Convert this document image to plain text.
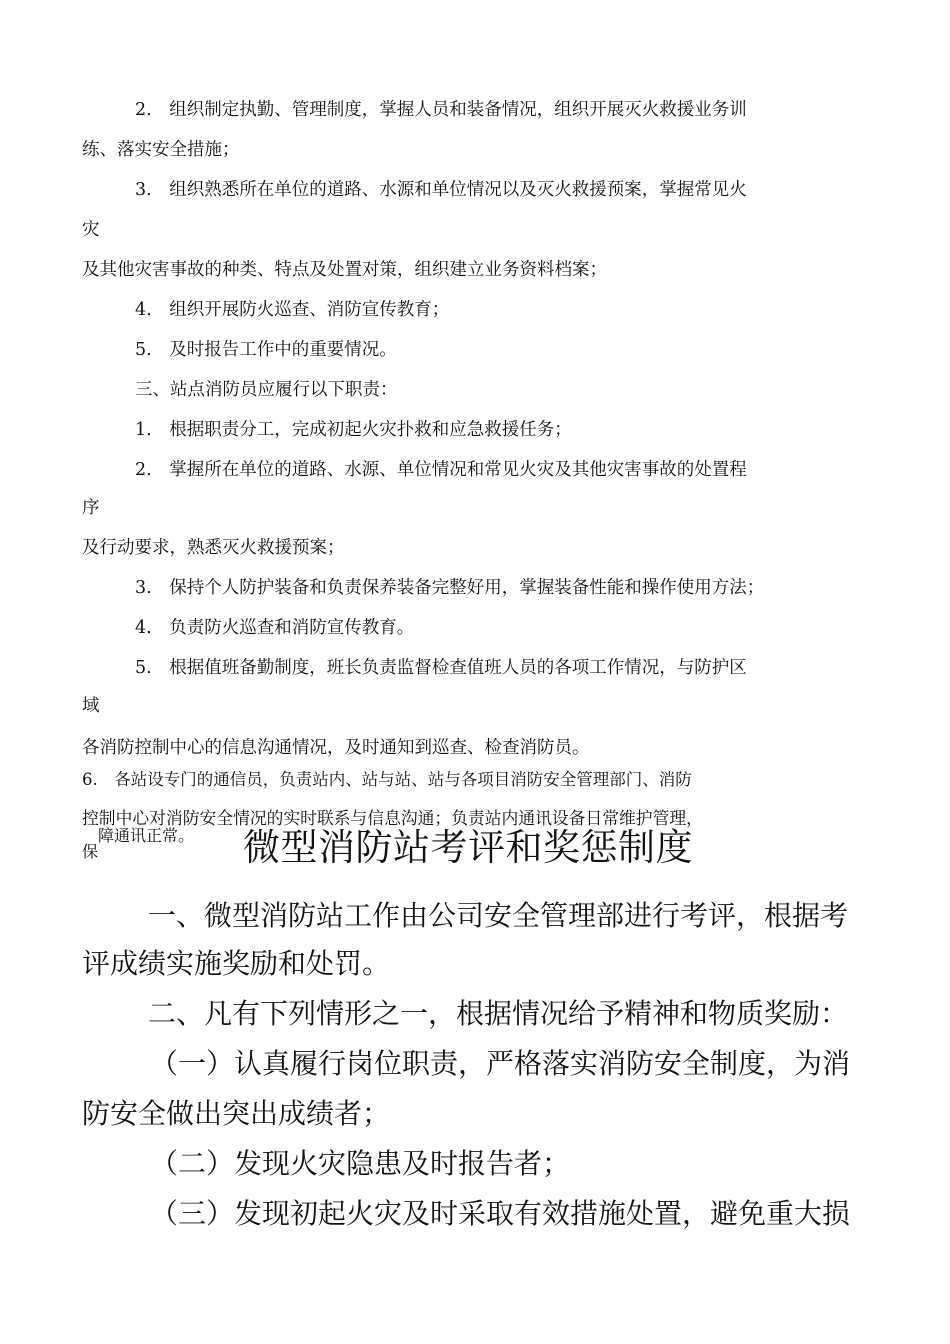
2.　组织制定执勤、管理制度，掌握人员和装备情况，组织开展灭火救援业务训
练、落实安全措施；
3.　组织熟悉所在单位的道路、水源和单位情况以及灭火救援预案，掌握常见火
灾
及其他灾害事故的种类、特点及处置对策，组织建立业务资料档案；
4.　组织开展防火巡查、消防宣传教育；
5.　及时报告工作中的重要情况。
三、站点消防员应履行以下职责：
1.　根据职责分工，完成初起火灾扑救和应急救援任务；
2.　掌握所在单位的道路、水源、单位情况和常见火灾及其他灾害事故的处置程
序
及行动要求，熟悉灭火救援预案；
3.　保持个人防护装备和负责保养装备完整好用，掌握装备性能和操作使用方法；
4.　负责防火巡查和消防宣传教育。
5.　根据值班备勤制度，班长负责监督检查值班人员的各项工作情况，与防护区
域
各消防控制中心的信息沟通情况，及时通知到巡查、检查消防员。
6.　各站设专门的通信员，负责站内、站与站、站与各项目消防安全管理部门、消防
控制中心对消防安全情况的实时联系与信息沟通；负责站内通讯设备日常维护管理，
保
障通讯正常。 微型消防站考评和奖惩制度
一、微型消防站工作由公司安全管理部进行考评，根据考
评成绩实施奖励和处罚。
二、凡有下列情形之一，根据情况给予精神和物质奖励：
（一）认真履行岗位职责，严格落实消防安全制度，为消
防安全做出突出成绩者；
（二）发现火灾隐患及时报告者；
（三）发现初起火灾及时采取有效措施处置，避免重大损
